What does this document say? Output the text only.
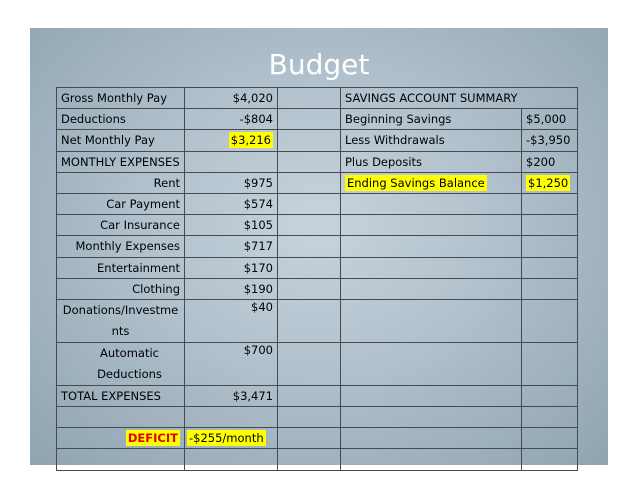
Budget
Gross Monthly Pay	$4,020		SAVINGS ACCOUNT SUMMARY	
Deductions	-$804		Beginning Savings	$5,000
Net Monthly Pay	$3,216		Less Withdrawals	-$3,950
MONTHLY EXPENSES			Plus Deposits	$200
Rent	$975		Ending Savings Balance	$1,250
Car Payment	$574			
Car Insurance	$105			
Monthly Expenses	$717			
Entertainment	$170			
Clothing	$190			
Donations/Investments	$40			
Automatic Deductions	$700			
TOTAL EXPENSES	$3,471			

DEFICIT	-$255/month			
